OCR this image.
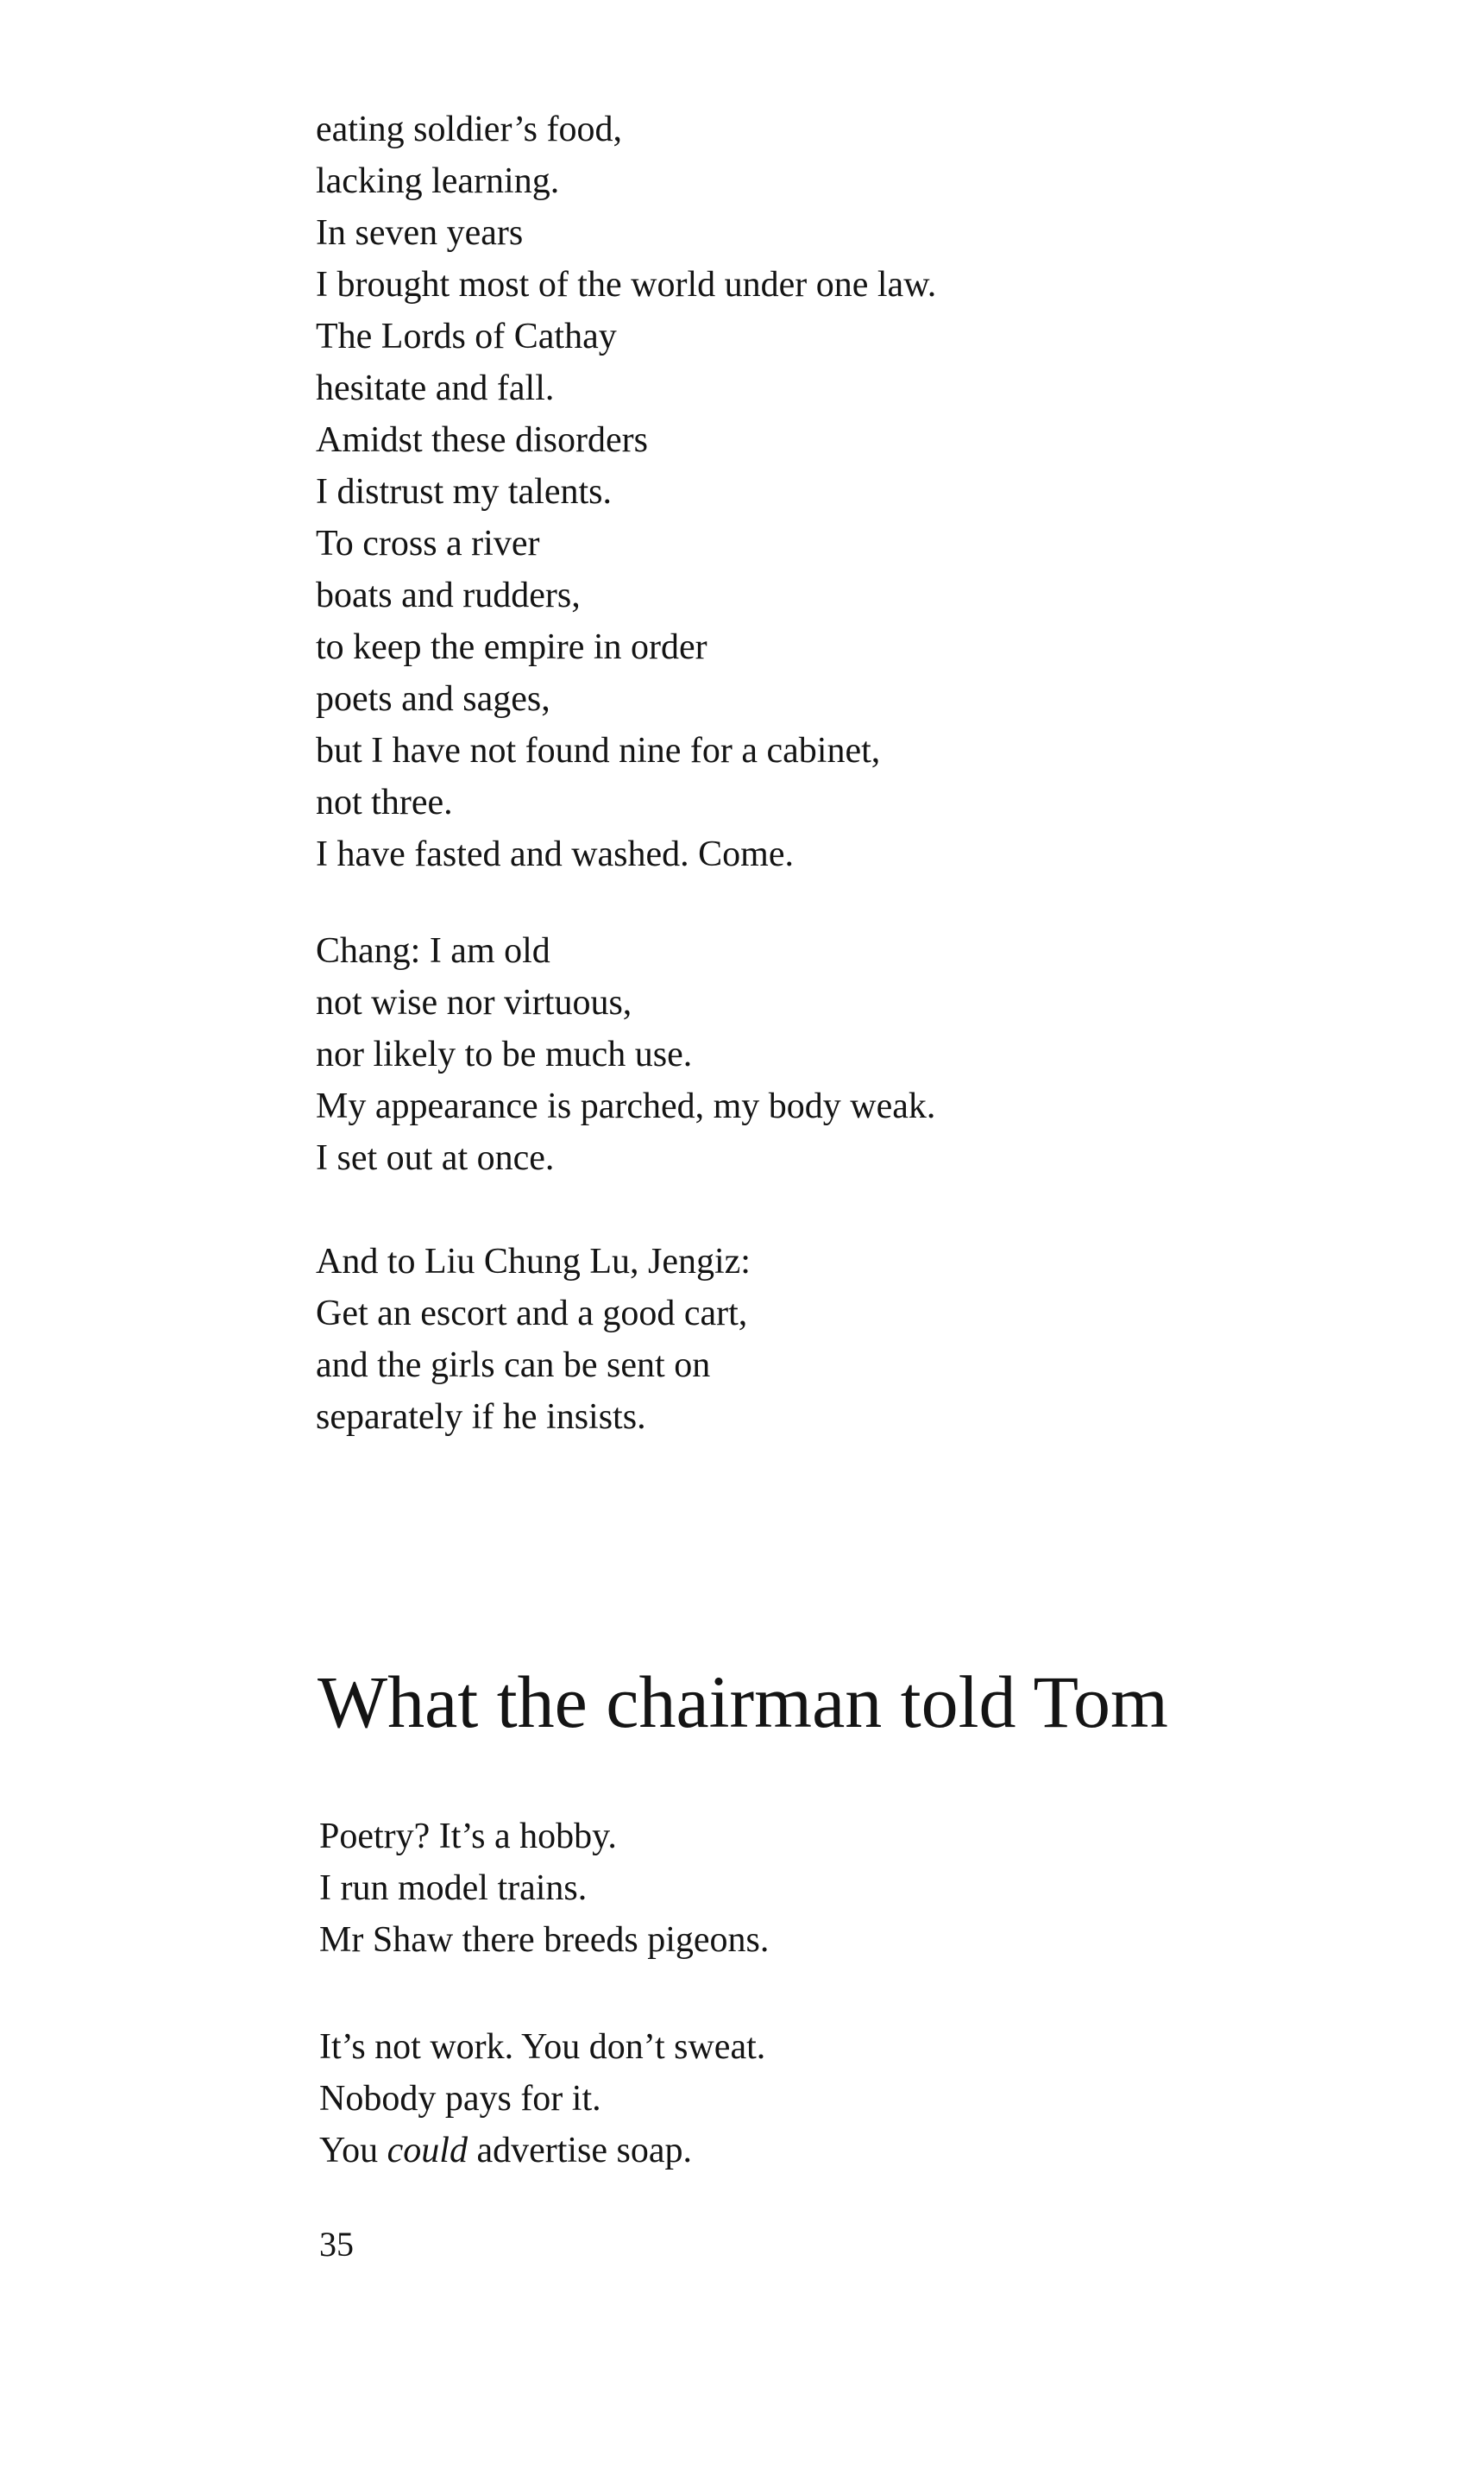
eating soldier’s food,
lacking learning.
In seven years
I brought most of the world under one law.
The Lords of Cathay
hesitate and fall.
Amidst these disorders
I distrust my talents.
To cross a river
boats and rudders,
to keep the empire in order
poets and sages,
but I have not found nine for a cabinet,
not three.
I have fasted and washed. Come.
Chang: I am old
not wise nor virtuous,
nor likely to be much use.
My appearance is parched, my body weak.
I set out at once.
And to Liu Chung Lu, Jengiz:
Get an escort and a good cart,
and the girls can be sent on
separately if he insists.
What the chairman told Tom
Poetry? It’s a hobby.
I run model trains.
Mr Shaw there breeds pigeons.
It’s not work. You don’t sweat.
Nobody pays for it.
You could advertise soap.
35
